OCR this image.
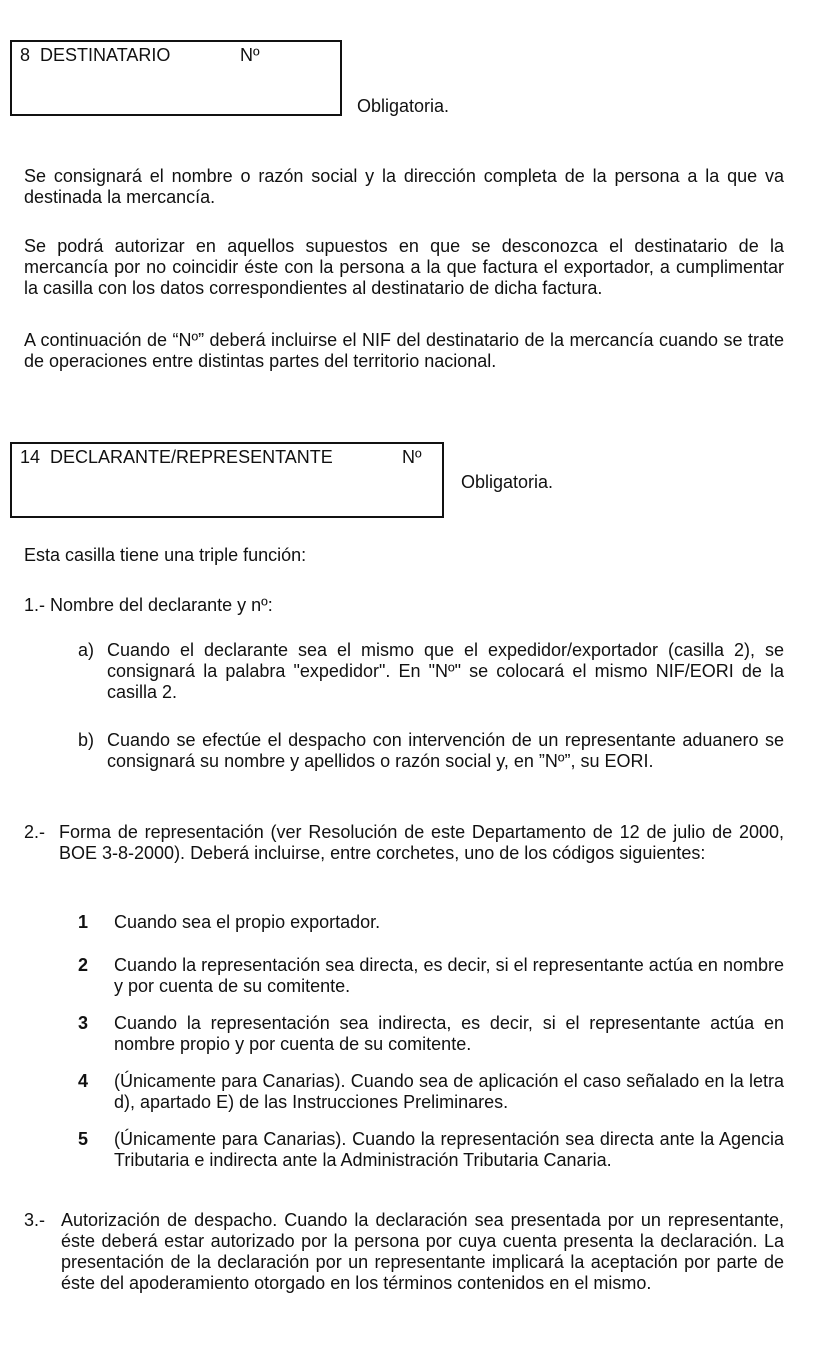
8  DESTINATARIO	Nº
Obligatoria.
Se consignará el nombre o razón social y la dirección completa de la persona a la que va destinada la mercancía.
Se podrá autorizar en aquellos supuestos en que se desconozca el destinatario de la mercancía por no coincidir éste con la persona a la que factura el exportador, a cumplimentar la casilla con los datos correspondientes al destinatario de dicha factura.
A continuación de “Nº” deberá incluirse el NIF del destinatario de la mercancía cuando se trate de operaciones entre distintas partes del territorio nacional.
14  DECLARANTE/REPRESENTANTE	Nº
Obligatoria.
Esta casilla tiene una triple función:
1.- Nombre del declarante y nº:
a) Cuando el declarante sea el mismo que el expedidor/exportador (casilla 2), se consignará la palabra "expedidor". En "Nº" se colocará el mismo NIF/EORI de la casilla 2.
b) Cuando se efectúe el despacho con intervención de un representante aduanero se consignará su nombre y apellidos o razón social y, en ”Nº”, su EORI.
2.- Forma de representación (ver Resolución de este Departamento de 12 de julio de 2000, BOE 3-8-2000). Deberá incluirse, entre corchetes, uno de los códigos siguientes:
1	Cuando sea el propio exportador.
2	Cuando la representación sea directa, es decir, si el representante actúa en nombre y por cuenta de su comitente.
3	Cuando la representación sea indirecta, es decir, si el representante actúa en nombre propio y por cuenta de su comitente.
4	(Únicamente para Canarias). Cuando sea de aplicación el caso señalado en la letra d), apartado E) de las Instrucciones Preliminares.
5	(Únicamente para Canarias). Cuando la representación sea directa ante la Agencia Tributaria e indirecta ante la Administración Tributaria Canaria.
3.- Autorización de despacho. Cuando la declaración sea presentada por un representante, éste deberá estar autorizado por la persona por cuya cuenta presenta la declaración. La presentación de la declaración por un representante implicará la aceptación por parte de éste del apoderamiento otorgado en los términos contenidos en el mismo.
